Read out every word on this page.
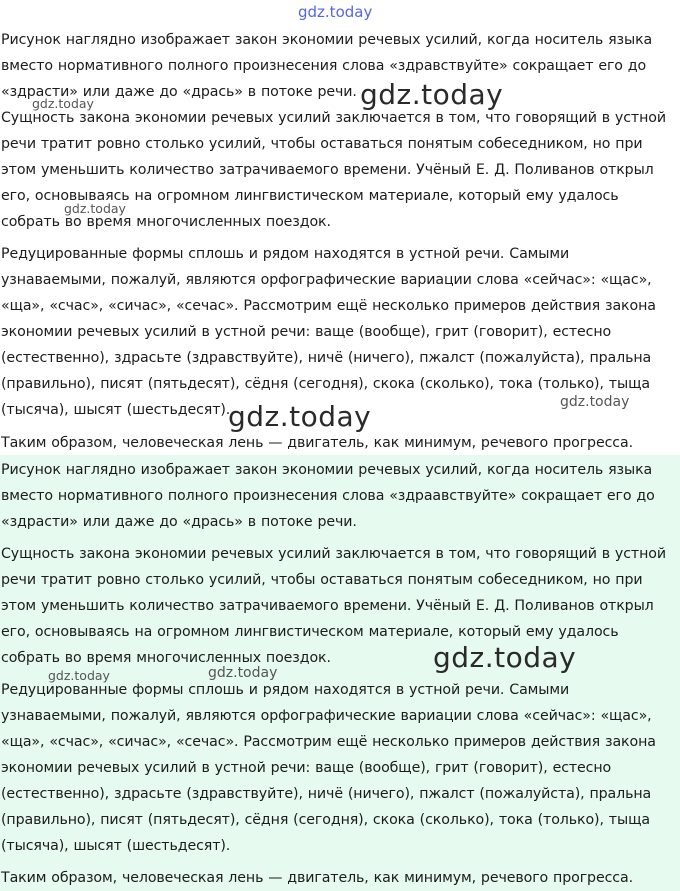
Рисунок наглядно изображает закон экономии речевых усилий, когда носитель языка вместо нормативного полного произнесения слова «здравствуйте» сокращает его до «здрасти» или даже до «дрась» в потоке речи.

Сущность закона экономии речевых усилий заключается в том, что говорящий в устной речи тратит ровно столько усилий, чтобы оставаться понятым собеседником, но при этом уменьшить количество затрачиваемого времени. Учёный Е. Д. Поливанов открыл его, основываясь на огромном лингвистическом материале, который ему удалось собрать во время многочисленных поездок.

Редуцированные формы сплошь и рядом находятся в устной речи. Самыми узнаваемыми, пожалуй, являются орфографические вариации слова «сейчас»: «щас», «ща», «счас», «сичас», «сечас». Рассмотрим ещё несколько примеров действия закона экономии речевых усилий в устной речи: ваще (вообще), грит (говорит), естесно (естественно), здрасьте (здравствуйте), ничё (ничего), пжалст (пожалуйста), пральна (правильно), писят (пятьдесят), сёдня (сегодня), скока (сколько), тока (только), тыща (тысяча), шысят (шестьдесят).

Таким образом, человеческая лень — двигатель, как минимум, речевого прогресса.

Рисунок наглядно изображает закон экономии речевых усилий, когда носитель языка вместо нормативного полного произнесения слова «здраавствуйте» сокращает его до «здрасти» или даже до «дрась» в потоке речи.

Сущность закона экономии речевых усилий заключается в том, что говорящий в устной речи тратит ровно столько усилий, чтобы оставаться понятым собеседником, но при этом уменьшить количество затрачиваемого времени. Учёный Е. Д. Поливанов открыл его, основываясь на огромном лингвистическом материале, который ему удалось собрать во время многочисленных поездок.

Редуцированные формы сплошь и рядом находятся в устной речи. Самыми узнаваемыми, пожалуй, являются орфографические вариации слова «сейчас»: «щас», «ща», «счас», «сичас», «сечас». Рассмотрим ещё несколько примеров действия закона экономии речевых усилий в устной речи: ваще (вообще), грит (говорит), естесно (естественно), здрасьте (здравствуйте), ничё (ничего), пжалст (пожалуйста), пральна (правильно), писят (пятьдесят), сёдня (сегодня), скока (сколько), тока (только), тыща (тысяча), шысят (шестьдесят).

Таким образом, человеческая лень — двигатель, как минимум, речевого прогресса.

gdz.today
gdz.today
gdz.today
gdz.today
gdz.today	gdz.today
gdz.today
gdz.today	gdz.today
